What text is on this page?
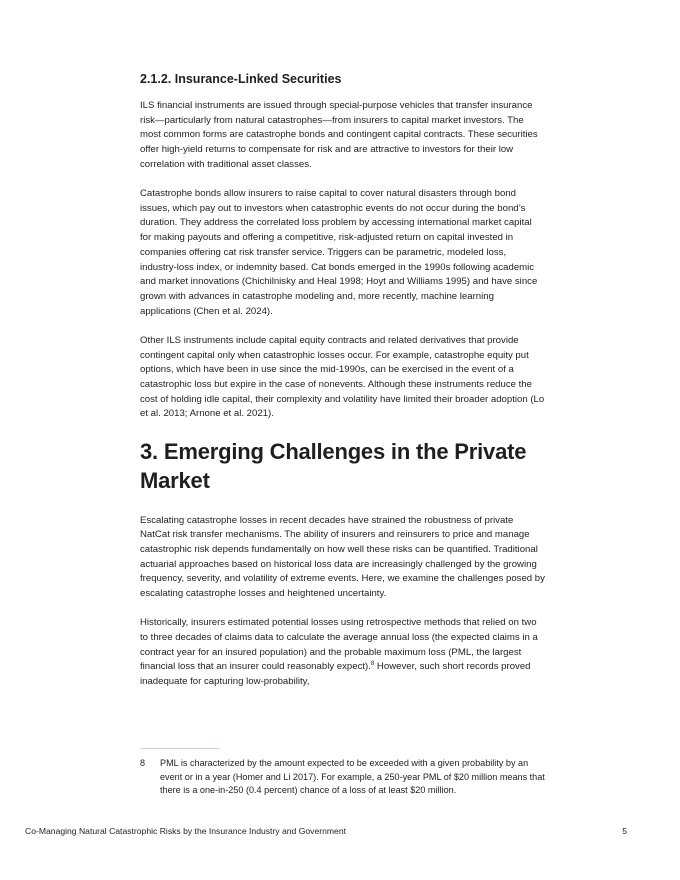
2.1.2. Insurance-Linked Securities

ILS financial instruments are issued through special-purpose vehicles that transfer insurance risk—particularly from natural catastrophes—from insurers to capital market investors. The most common forms are catastrophe bonds and contingent capital contracts. These securities offer high-yield returns to compensate for risk and are attractive to investors for their low correlation with traditional asset classes.

Catastrophe bonds allow insurers to raise capital to cover natural disasters through bond issues, which pay out to investors when catastrophic events do not occur during the bond’s duration. They address the correlated loss problem by accessing international market capital for making payouts and offering a competitive, risk-adjusted return on capital invested in companies offering cat risk transfer service. Triggers can be parametric, modeled loss, industry-loss index, or indemnity based. Cat bonds emerged in the 1990s following academic and market innovations (Chichilnisky and Heal 1998; Hoyt and Williams 1995) and have since grown with advances in catastrophe modeling and, more recently, machine learning applications (Chen et al. 2024).

Other ILS instruments include capital equity contracts and related derivatives that provide contingent capital only when catastrophic losses occur. For example, catastrophe equity put options, which have been in use since the mid-1990s, can be exercised in the event of a catastrophic loss but expire in the case of nonevents. Although these instruments reduce the cost of holding idle capital, their complexity and volatility have limited their broader adoption (Lo et al. 2013; Arnone et al. 2021).

3. Emerging Challenges in the Private Market

Escalating catastrophe losses in recent decades have strained the robustness of private NatCat risk transfer mechanisms. The ability of insurers and reinsurers to price and manage catastrophic risk depends fundamentally on how well these risks can be quantified. Traditional actuarial approaches based on historical loss data are increasingly challenged by the growing frequency, severity, and volatility of extreme events. Here, we examine the challenges posed by escalating catastrophe losses and heightened uncertainty.

Historically, insurers estimated potential losses using retrospective methods that relied on two to three decades of claims data to calculate the average annual loss (the expected claims in a contract year for an insured population) and the probable maximum loss (PML, the largest financial loss that an insurer could reasonably expect).$^8$ However, such short records proved inadequate for capturing low-probability,

8	PML is characterized by the amount expected to be exceeded with a given probability by an event or in a year (Homer and Li 2017). For example, a 250-year PML of $20 million means that there is a one-in-250 (0.4 percent) chance of a loss of at least $20 million.
Co-Managing Natural Catastrophic Risks by the Insurance Industry and Government	5
